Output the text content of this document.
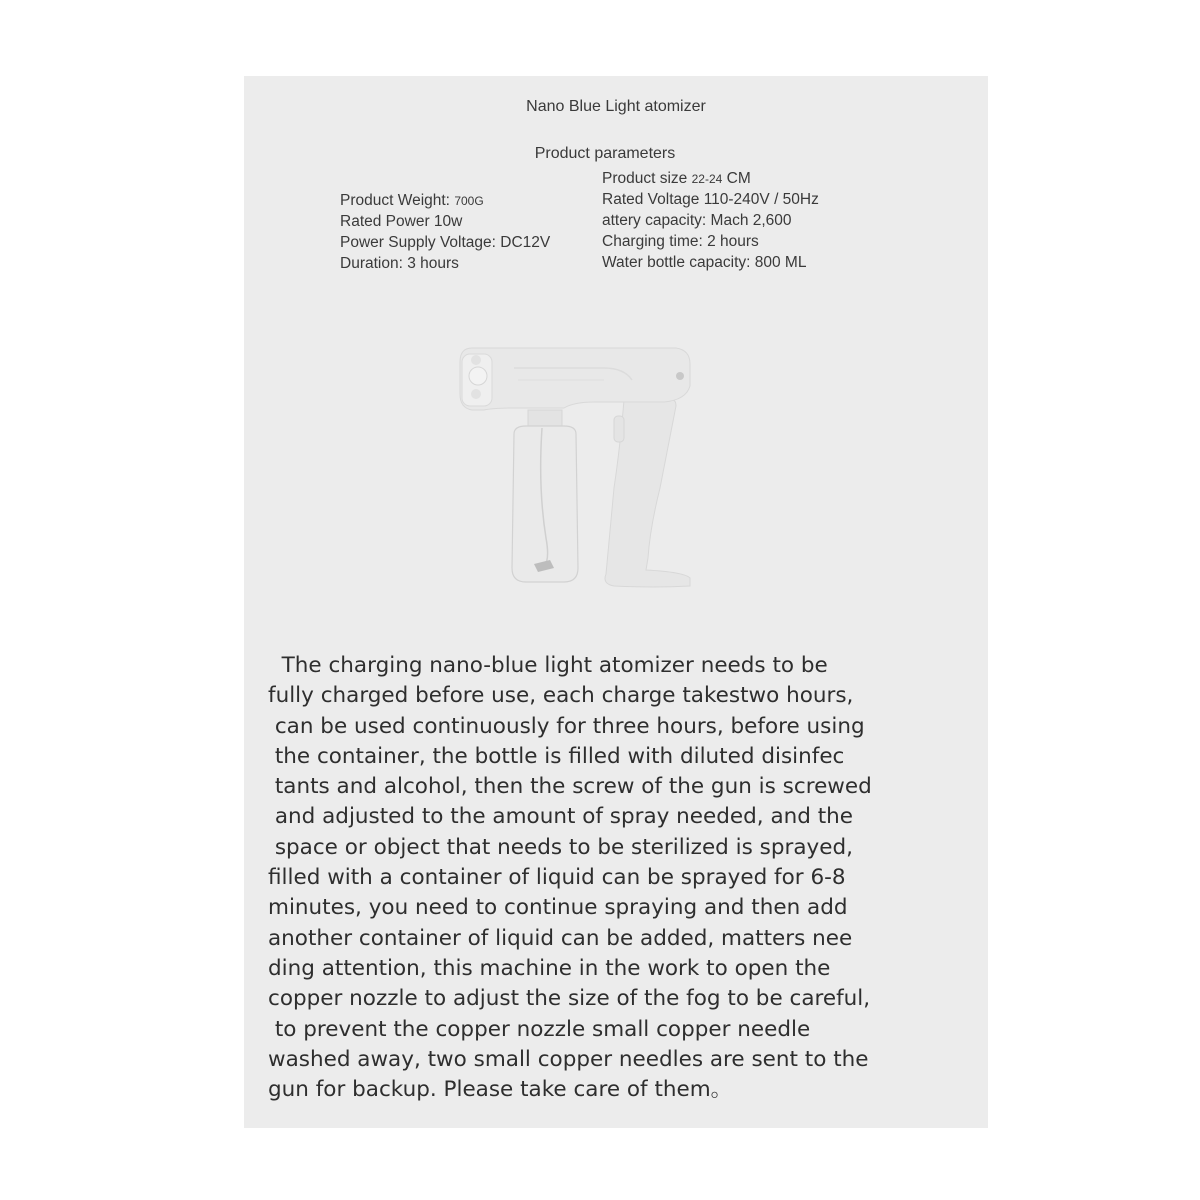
Nano Blue Light atomizer
Product parameters
Product Weight: 700G
Rated Power 10w
Power Supply Voltage: DC12V
Duration: 3 hours
Product size 22-24 CM
Rated Voltage 110-240V / 50Hz
attery capacity: Mach 2,600
Charging time: 2 hours
Water bottle capacity: 800 ML
The charging nano-blue light atomizer needs to be
fully charged before use, each charge takestwo hours,
can be used continuously for three hours, before using
the container, the bottle is filled with diluted disinfec
tants and alcohol, then the screw of the gun is screwed
and adjusted to the amount of spray needed, and the
space or object that needs to be sterilized is sprayed,
filled with a container of liquid can be sprayed for 6-8
minutes, you need to continue spraying and then add
another container of liquid can be added, matters nee
ding attention, this machine in the work to open the
copper nozzle to adjust the size of the fog to be careful,
to prevent the copper nozzle small copper needle
washed away, two small copper needles are sent to the
gun for backup. Please take care of them。
